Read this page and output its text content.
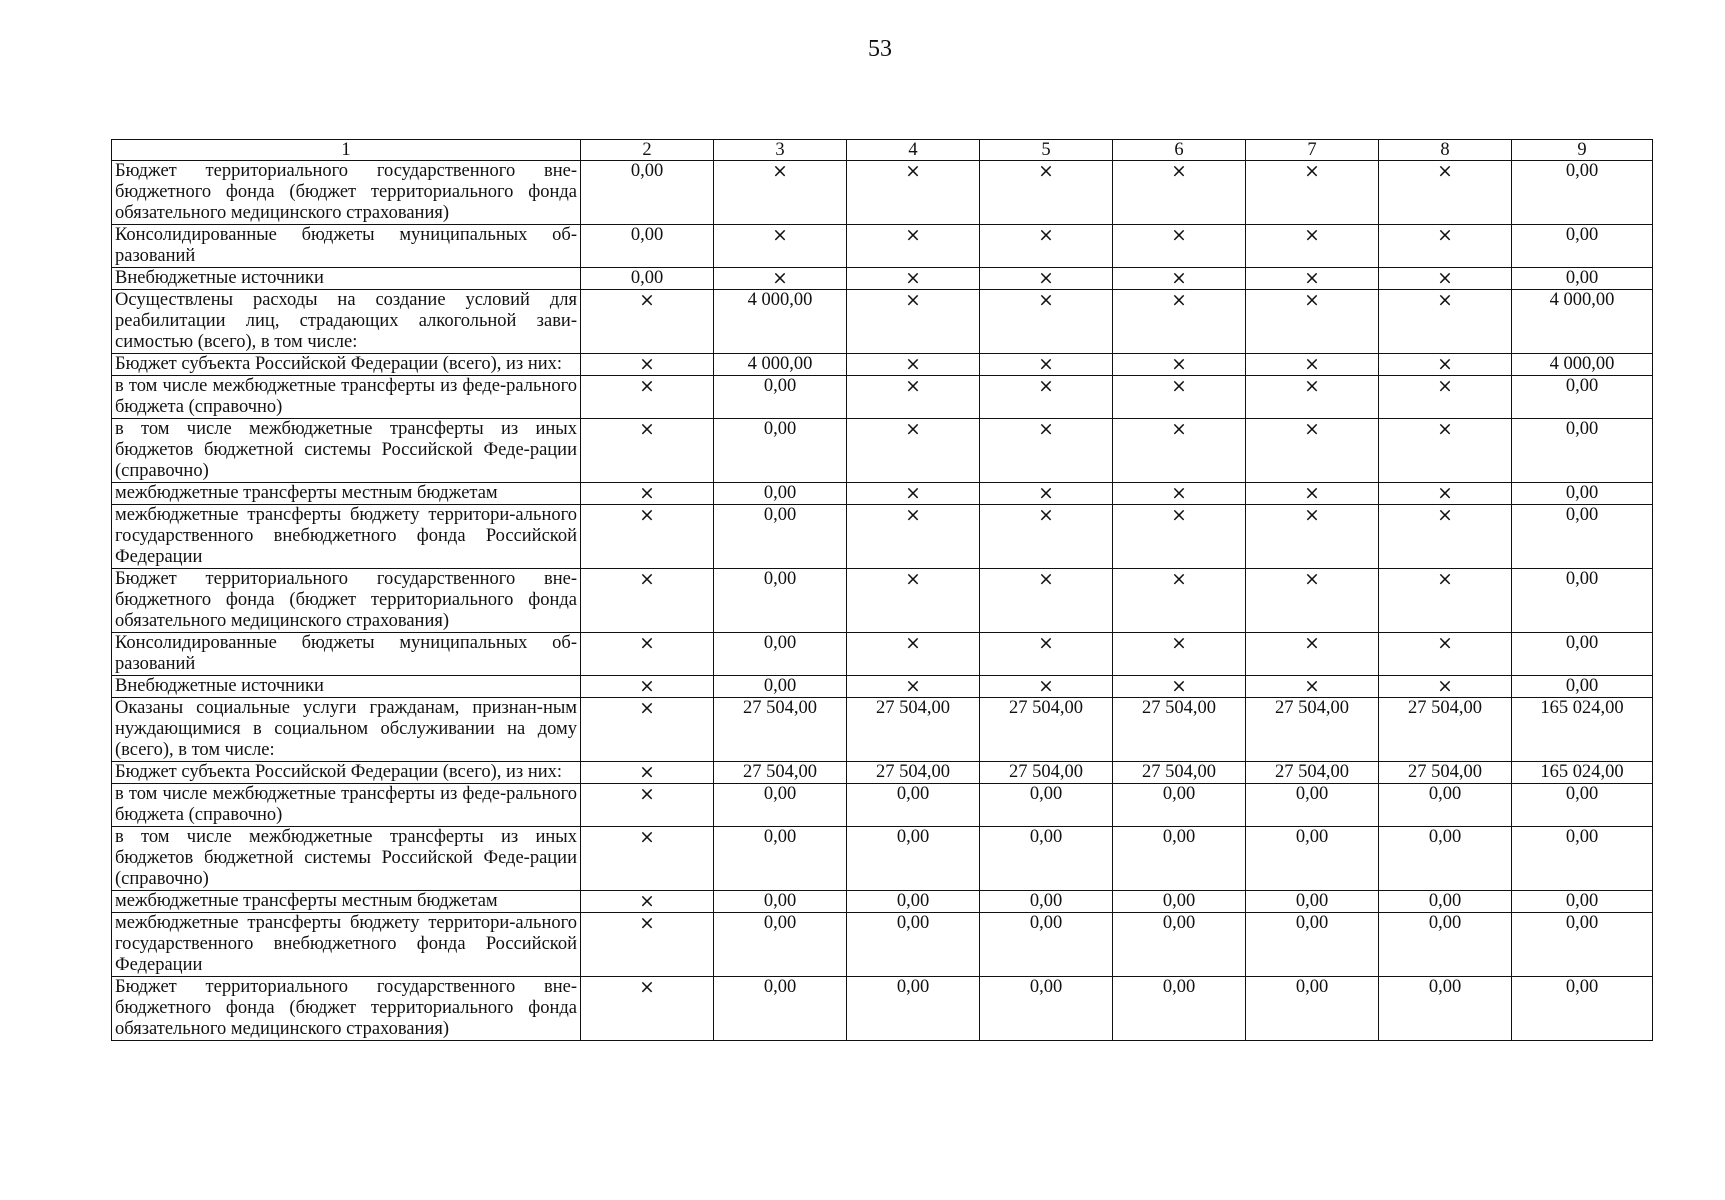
53
1	2	3	4	5	6	7	8	9
Бюджет территориального государственного вне-бюджетного фонда (бюджет территориального фонда обязательного медицинского страхования)	0,00	×	×	×	×	×	×	0,00
Консолидированные бюджеты муниципальных об-разований	0,00	×	×	×	×	×	×	0,00
Внебюджетные источники	0,00	×	×	×	×	×	×	0,00
Осуществлены расходы на создание условий для реабилитации лиц, страдающих алкогольной зави-симостью (всего), в том числе:	×	4 000,00	×	×	×	×	×	4 000,00
Бюджет субъекта Российской Федерации (всего), из них:	×	4 000,00	×	×	×	×	×	4 000,00
в том числе межбюджетные трансферты из феде-рального бюджета (справочно)	×	0,00	×	×	×	×	×	0,00
в том числе межбюджетные трансферты из иных бюджетов бюджетной системы Российской Феде-рации (справочно)	×	0,00	×	×	×	×	×	0,00
межбюджетные трансферты местным бюджетам	×	0,00	×	×	×	×	×	0,00
межбюджетные трансферты бюджету территори-ального государственного внебюджетного фонда Российской Федерации	×	0,00	×	×	×	×	×	0,00
Бюджет территориального государственного вне-бюджетного фонда (бюджет территориального фонда обязательного медицинского страхования)	×	0,00	×	×	×	×	×	0,00
Консолидированные бюджеты муниципальных об-разований	×	0,00	×	×	×	×	×	0,00
Внебюджетные источники	×	0,00	×	×	×	×	×	0,00
Оказаны социальные услуги гражданам, признан-ным нуждающимися в социальном обслуживании на дому (всего), в том числе:	×	27 504,00	27 504,00	27 504,00	27 504,00	27 504,00	27 504,00	165 024,00
Бюджет субъекта Российской Федерации (всего), из них:	×	27 504,00	27 504,00	27 504,00	27 504,00	27 504,00	27 504,00	165 024,00
в том числе межбюджетные трансферты из феде-рального бюджета (справочно)	×	0,00	0,00	0,00	0,00	0,00	0,00	0,00
в том числе межбюджетные трансферты из иных бюджетов бюджетной системы Российской Феде-рации (справочно)	×	0,00	0,00	0,00	0,00	0,00	0,00	0,00
межбюджетные трансферты местным бюджетам	×	0,00	0,00	0,00	0,00	0,00	0,00	0,00
межбюджетные трансферты бюджету территори-ального государственного внебюджетного фонда Российской Федерации	×	0,00	0,00	0,00	0,00	0,00	0,00	0,00
Бюджет территориального государственного вне-бюджетного фонда (бюджет территориального фонда обязательного медицинского страхования)	×	0,00	0,00	0,00	0,00	0,00	0,00	0,00
